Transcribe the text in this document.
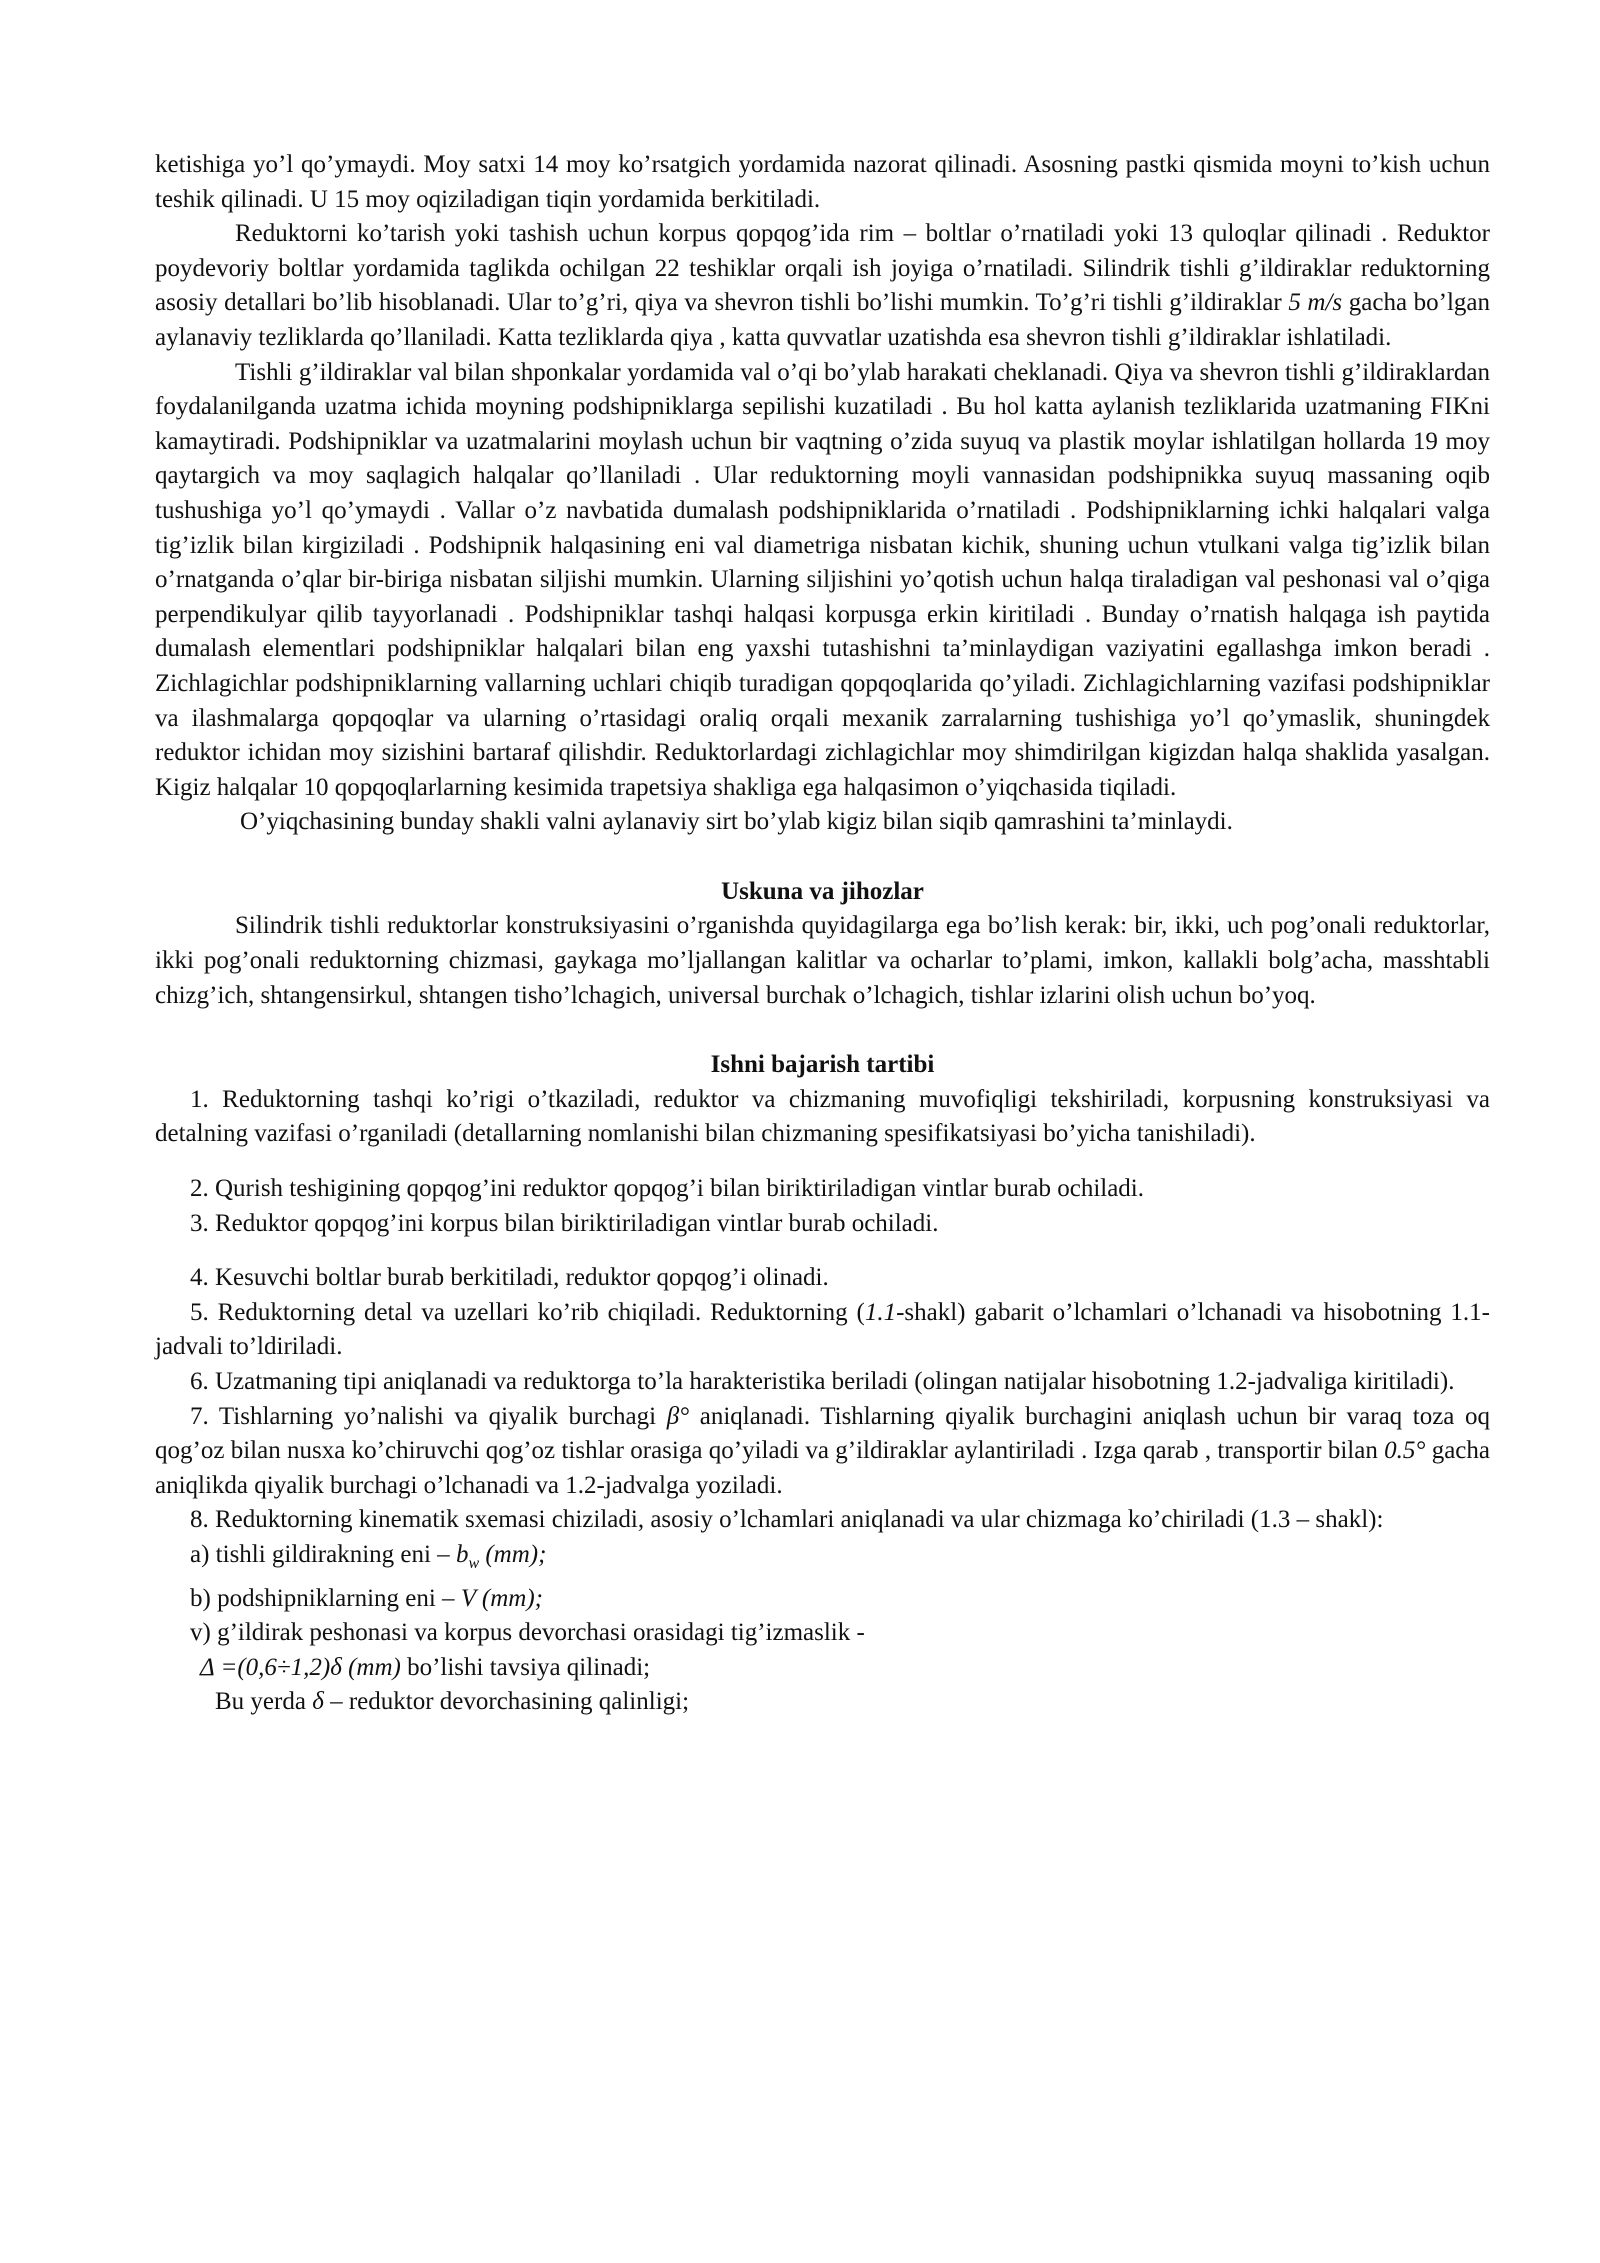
ketishiga yo’l qo’ymaydi. Moy satxi 14 moy ko’rsatgich yordamida nazorat qilinadi. Asosning pastki qismida moyni to’kish uchun teshik qilinadi. U 15 moy oqiziladigan tiqin yordamida berkitiladi.

Reduktorni ko’tarish yoki tashish uchun korpus qopqog’ida rim – boltlar o’rnatiladi yoki 13 quloqlar qilinadi . Reduktor poydevoriy boltlar yordamida taglikda ochilgan 22 teshiklar orqali ish joyiga o’rnatiladi. Silindrik tishli g’ildiraklar reduktorning asosiy detallari bo’lib hisoblanadi. Ular to’g’ri, qiya va shevron tishli bo’lishi mumkin. To’g’ri tishli g’ildiraklar 5 m/s gacha bo’lgan aylanaviy tezliklarda qo’llaniladi. Katta tezliklarda qiya , katta quvvatlar uzatishda esa shevron tishli g’ildiraklar ishlatiladi.

Tishli g’ildiraklar val bilan shponkalar yordamida val o’qi bo’ylab harakati cheklanadi. Qiya va shevron tishli g’ildiraklardan foydalanilganda uzatma ichida moyning podshipniklarga sepilishi kuzatiladi . Bu hol katta aylanish tezliklarida uzatmaning FIKni kamaytiradi. Podshipniklar va uzatmalarini moylash uchun bir vaqtning o’zida suyuq va plastik moylar ishlatilgan hollarda 19 moy qaytargich va moy saqlagich halqalar qo’llaniladi . Ular reduktorning moyli vannasidan podshipnikka suyuq massaning oqib tushushiga yo’l qo’ymaydi . Vallar o’z navbatida dumalash podshipniklarida o’rnatiladi . Podshipniklarning ichki halqalari valga tig’izlik bilan kirgiziladi . Podshipnik halqasining eni val diametriga nisbatan kichik, shuning uchun vtulkani valga tig’izlik bilan o’rnatganda o’qlar bir-biriga nisbatan siljishi mumkin. Ularning siljishini yo’qotish uchun halqa tiraladigan val peshonasi val o’qiga perpendikulyar qilib tayyorlanadi . Podshipniklar tashqi halqasi korpusga erkin kiritiladi . Bunday o’rnatish halqaga ish paytida dumalash elementlari podshipniklar halqalari bilan eng yaxshi tutashishni ta’minlaydigan vaziyatini egallashga imkon beradi . Zichlagichlar podshipniklarning vallarning uchlari chiqib turadigan qopqoqlarida qo’yiladi. Zichlagichlarning vazifasi podshipniklar va ilashmalarga qopqoqlar va ularning o’rtasidagi oraliq orqali mexanik zarralarning tushishiga yo’l qo’ymaslik, shuningdek reduktor ichidan moy sizishini bartaraf qilishdir. Reduktorlardagi zichlagichlar moy shimdirilgan kigizdan halqa shaklida yasalgan. Kigiz halqalar 10 qopqoqlarlarning kesimida trapetsiya shakliga ega halqasimon o’yiqchasida tiqiladi.

O’yiqchasining bunday shakli valni aylanaviy sirt bo’ylab kigiz bilan siqib qamrashini ta’minlaydi.

Uskuna va jihozlar

Silindrik tishli reduktorlar konstruksiyasini o’rganishda quyidagilarga ega bo’lish kerak: bir, ikki, uch pog’onali reduktorlar, ikki pog’onali reduktorning chizmasi, gaykaga mo’ljallangan kalitlar va ocharlar to’plami, imkon, kallakli bolg’acha, masshtabli chizg’ich, shtangensirkul, shtangen tisho’lchagich, universal burchak o’lchagich, tishlar izlarini olish uchun bo’yoq.

Ishni bajarish tartibi

1. Reduktorning tashqi ko’rigi o’tkaziladi, reduktor va chizmaning muvofiqligi tekshiriladi, korpusning konstruksiyasi va detalning vazifasi o’rganiladi (detallarning nomlanishi bilan chizmaning spesifikatsiyasi bo’yicha tanishiladi).

2. Qurish teshigining qopqog’ini reduktor qopqog’i bilan biriktiriladigan vintlar burab ochiladi.

3. Reduktor qopqog’ini korpus bilan biriktiriladigan vintlar burab ochiladi.

4. Kesuvchi boltlar burab berkitiladi, reduktor qopqog’i olinadi.

5. Reduktorning detal va uzellari ko’rib chiqiladi. Reduktorning (1.1-shakl) gabarit o’lchamlari o’lchanadi va hisobotning 1.1-jadvali to’ldiriladi.

6. Uzatmaning tipi aniqlanadi va reduktorga to’la harakteristika beriladi (olingan natijalar hisobotning 1.2-jadvaliga kiritiladi).

7. Tishlarning yo’nalishi va qiyalik burchagi β° aniqlanadi. Tishlarning qiyalik burchagini aniqlash uchun bir varaq toza oq qog’oz bilan nusxa ko’chiruvchi qog’oz tishlar orasiga qo’yiladi va g’ildiraklar aylantiriladi . Izga qarab , transportir bilan 0.5° gacha aniqlikda qiyalik burchagi o’lchanadi va 1.2-jadvalga yoziladi.

8. Reduktorning kinematik sxemasi chiziladi, asosiy o’lchamlari aniqlanadi va ular chizmaga ko’chiriladi (1.3 – shakl):

a) tishli gildirakning eni – $b_w$ (mm);

b) podshipniklarning eni – V (mm);

v) g’ildirak peshonasi va korpus devorchasi orasidagi tig’izmaslik -

Δ =(0,6÷1,2)δ (mm) bo’lishi tavsiya qilinadi;

Bu yerda δ – reduktor devorchasining qalinligi;
